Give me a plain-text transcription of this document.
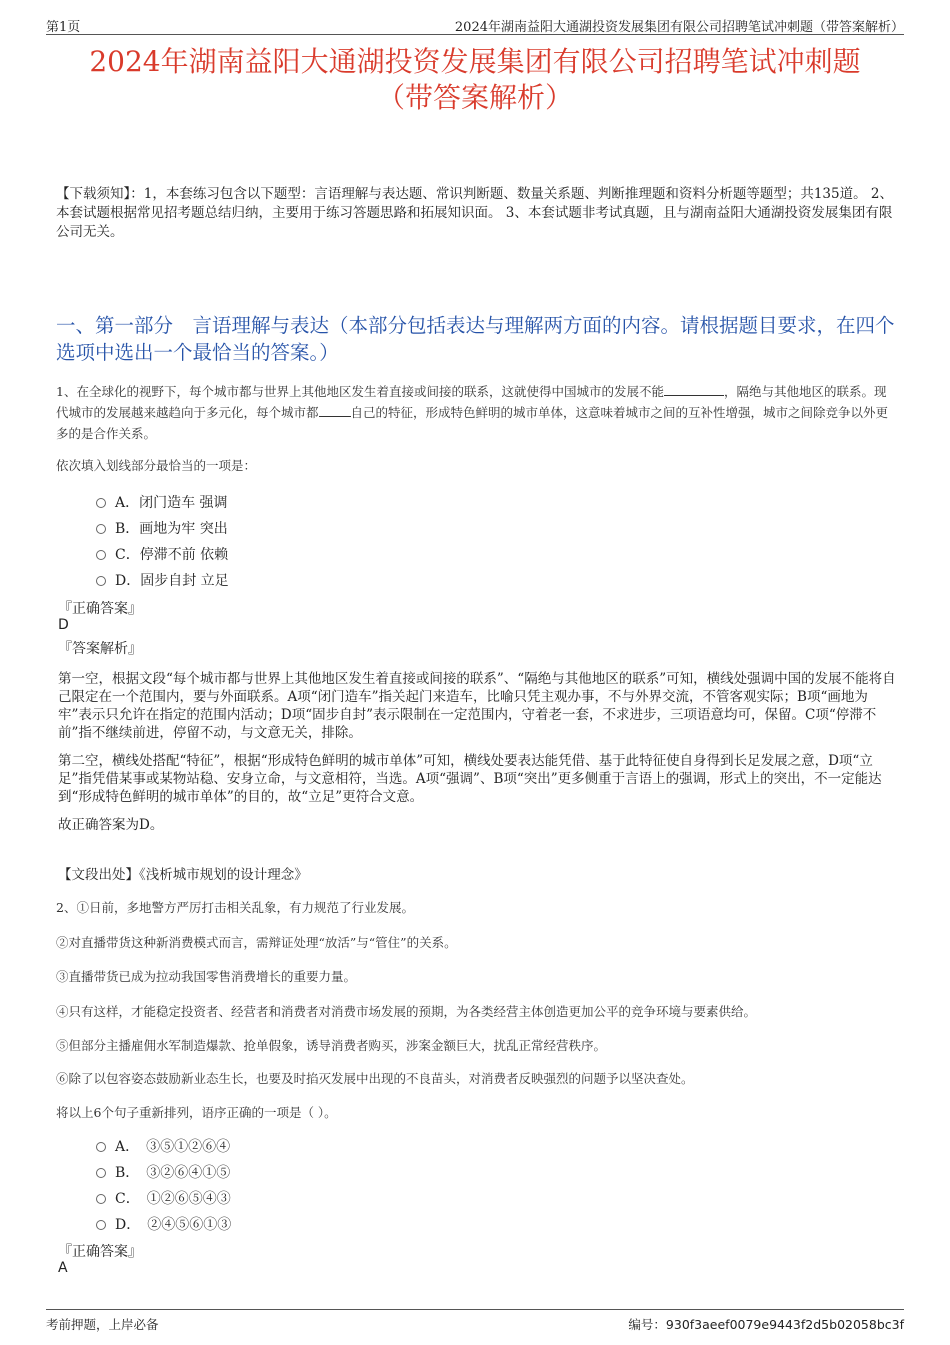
第1页	2024年湖南益阳大通湖投资发展集团有限公司招聘笔试冲刺题（带答案解析）
2024年湖南益阳大通湖投资发展集团有限公司招聘笔试冲刺题
（带答案解析）
【下载须知】：1，本套练习包含以下题型：言语理解与表达题、常识判断题、数量关系题、判断推理题和资料分析题等题型；共135道。 2、本套试题根据常见招考题总结归纳，主要用于练习答题思路和拓展知识面。 3、本套试题非考试真题，且与湖南益阳大通湖投资发展集团有限公司无关。
一、第一部分　言语理解与表达（本部分包括表达与理解两方面的内容。请根据题目要求，在四个选项中选出一个最恰当的答案。）
1、在全球化的视野下，每个城市都与世界上其他地区发生着直接或间接的联系，这就使得中国城市的发展不能	，隔绝与其他地区的联系。现代城市的发展越来越趋向于多元化，每个城市都	自己的特征，形成特色鲜明的城市单体，这意味着城市之间的互补性增强，城市之间除竞争以外更多的是合作关系。
依次填入划线部分最恰当的一项是：
A．闭门造车 强调
B．画地为牢 突出
C．停滞不前 依赖
D．固步自封 立足
『正确答案』
D
『答案解析』

第一空，根据文段“每个城市都与世界上其他地区发生着直接或间接的联系”、“隔绝与其他地区的联系”可知，横线处强调中国的发展不能将自己限定在一个范围内，要与外面联系。A项“闭门造车”指关起门来造车，比喻只凭主观办事，不与外界交流，不管客观实际；B项“画地为牢”表示只允许在指定的范围内活动；D项“固步自封”表示限制在一定范围内，守着老一套，不求进步，三项语意均可，保留。C项“停滞不前”指不继续前进，停留不动，与文意无关，排除。

第二空，横线处搭配“特征”，根据“形成特色鲜明的城市单体”可知，横线处要表达能凭借、基于此特征使自身得到长足发展之意，D项“立足”指凭借某事或某物站稳、安身立命，与文意相符，当选。A项“强调”、B项“突出”更多侧重于言语上的强调，形式上的突出，不一定能达到“形成特色鲜明的城市单体”的目的，故“立足”更符合文意。

故正确答案为D。

【文段出处】《浅析城市规划的设计理念》
2、①日前，多地警方严厉打击相关乱象，有力规范了行业发展。
②对直播带货这种新消费模式而言，需辩证处理“放活”与“管住”的关系。
③直播带货已成为拉动我国零售消费增长的重要力量。
④只有这样，才能稳定投资者、经营者和消费者对消费市场发展的预期，为各类经营主体创造更加公平的竞争环境与要素供给。
⑤但部分主播雇佣水军制造爆款、抢单假象，诱导消费者购买，涉案金额巨大，扰乱正常经营秩序。
⑥除了以包容姿态鼓励新业态生长，也要及时掐灭发展中出现的不良苗头，对消费者反映强烈的问题予以坚决查处。
将以上6个句子重新排列，语序正确的一项是（ ）。
A．　③⑤①②⑥④
B．　③②⑥④①⑤
C．　①②⑥⑤④③
D．　②④⑤⑥①③
『正确答案』
A
考前押题，上岸必备	编号：930f3aeef0079e9443f2d5b02058bc3f
